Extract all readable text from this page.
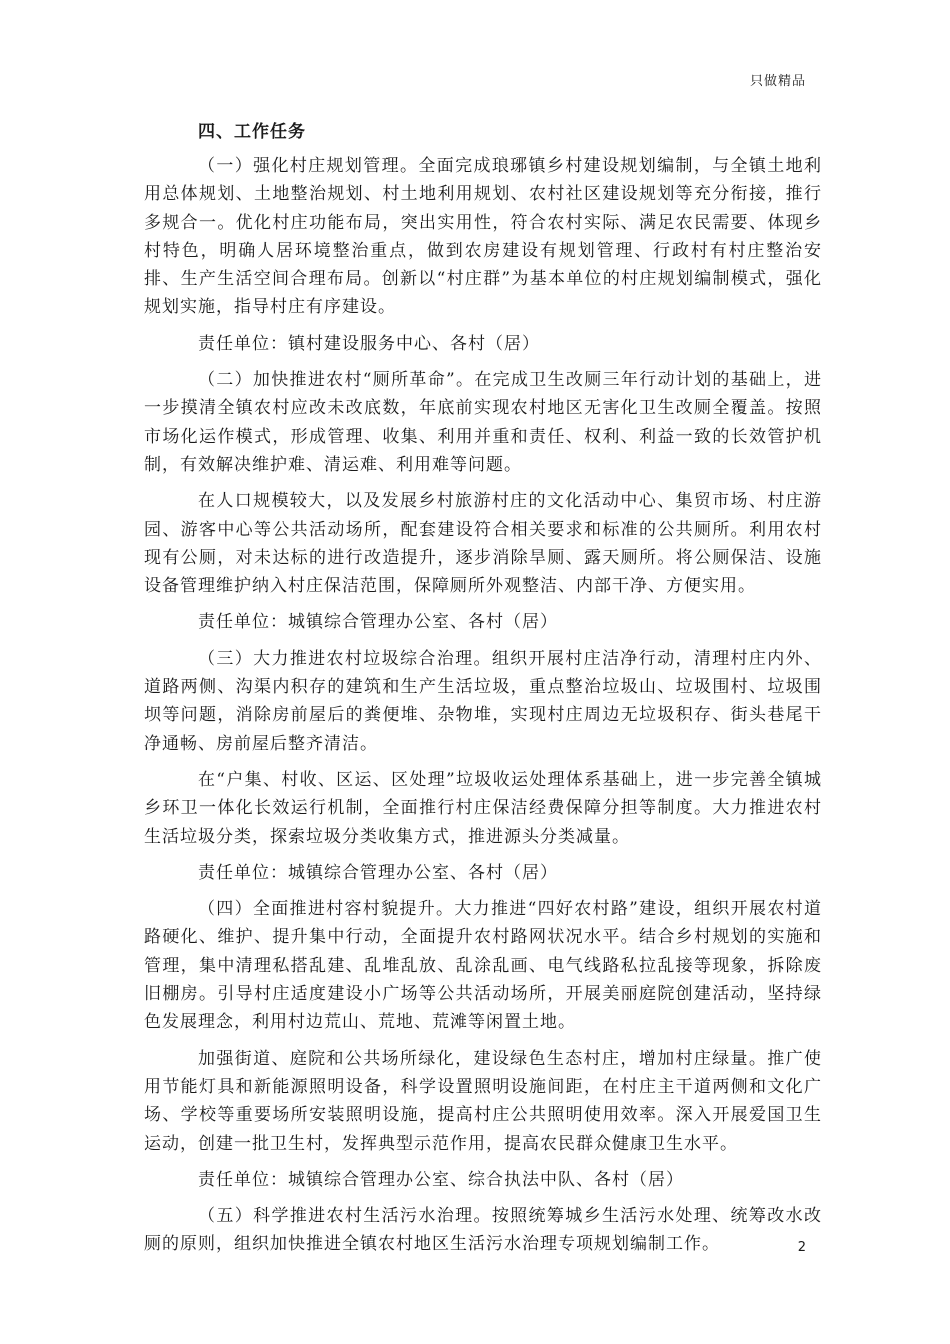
只做精品
四、工作任务

（一）强化村庄规划管理。全面完成琅琊镇乡村建设规划编制，与全镇土地利用总体规划、土地整治规划、村土地利用规划、农村社区建设规划等充分衔接，推行多规合一。优化村庄功能布局，突出实用性，符合农村实际、满足农民需要、体现乡村特色，明确人居环境整治重点，做到农房建设有规划管理、行政村有村庄整治安排、生产生活空间合理布局。创新以“村庄群”为基本单位的村庄规划编制模式，强化规划实施，指导村庄有序建设。

责任单位：镇村建设服务中心、各村（居）

（二）加快推进农村“厕所革命”。在完成卫生改厕三年行动计划的基础上，进一步摸清全镇农村应改未改底数，年底前实现农村地区无害化卫生改厕全覆盖。按照市场化运作模式，形成管理、收集、利用并重和责任、权利、利益一致的长效管护机制，有效解决维护难、清运难、利用难等问题。

在人口规模较大，以及发展乡村旅游村庄的文化活动中心、集贸市场、村庄游园、游客中心等公共活动场所，配套建设符合相关要求和标准的公共厕所。利用农村现有公厕，对未达标的进行改造提升，逐步消除旱厕、露天厕所。将公厕保洁、设施设备管理维护纳入村庄保洁范围，保障厕所外观整洁、内部干净、方便实用。

责任单位：城镇综合管理办公室、各村（居）

（三）大力推进农村垃圾综合治理。组织开展村庄洁净行动，清理村庄内外、道路两侧、沟渠内积存的建筑和生产生活垃圾，重点整治垃圾山、垃圾围村、垃圾围坝等问题，消除房前屋后的粪便堆、杂物堆，实现村庄周边无垃圾积存、街头巷尾干净通畅、房前屋后整齐清洁。

在“户集、村收、区运、区处理”垃圾收运处理体系基础上，进一步完善全镇城乡环卫一体化长效运行机制，全面推行村庄保洁经费保障分担等制度。大力推进农村生活垃圾分类，探索垃圾分类收集方式，推进源头分类减量。

责任单位：城镇综合管理办公室、各村（居）

（四）全面推进村容村貌提升。大力推进“四好农村路”建设，组织开展农村道路硬化、维护、提升集中行动，全面提升农村路网状况水平。结合乡村规划的实施和管理，集中清理私搭乱建、乱堆乱放、乱涂乱画、电气线路私拉乱接等现象，拆除废旧棚房。引导村庄适度建设小广场等公共活动场所，开展美丽庭院创建活动，坚持绿色发展理念，利用村边荒山、荒地、荒滩等闲置土地。

加强街道、庭院和公共场所绿化，建设绿色生态村庄，增加村庄绿量。推广使用节能灯具和新能源照明设备，科学设置照明设施间距，在村庄主干道两侧和文化广场、学校等重要场所安装照明设施，提高村庄公共照明使用效率。深入开展爱国卫生运动，创建一批卫生村，发挥典型示范作用，提高农民群众健康卫生水平。

责任单位：城镇综合管理办公室、综合执法中队、各村（居）

（五）科学推进农村生活污水治理。按照统筹城乡生活污水处理、统筹改水改厕的原则，组织加快推进全镇农村地区生活污水治理专项规划编制工作。	2
